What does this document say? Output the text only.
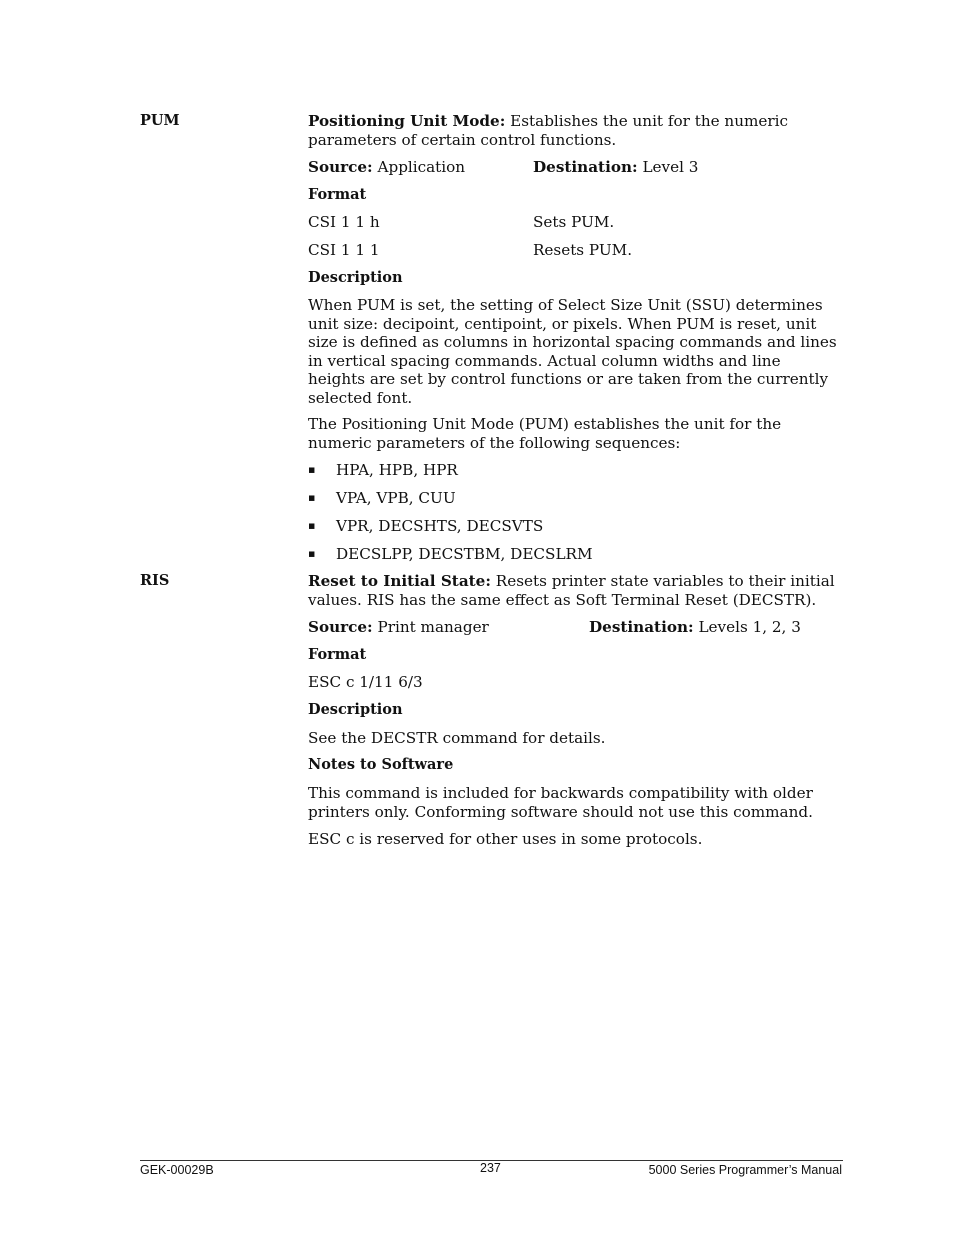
PUM	Positioning Unit Mode: Establishes the unit for the numeric parameters of certain control functions.
Source: Application	Destination: Level 3
Format
CSI 1 1 h	Sets PUM.
CSI 1 1 1	Resets PUM.
Description
When PUM is set, the setting of Select Size Unit (SSU) determines unit size: decipoint, centipoint, or pixels. When PUM is reset, unit size is defined as columns in horizontal spacing commands and lines in vertical spacing commands. Actual column widths and line heights are set by control functions or are taken from the currently selected font.
The Positioning Unit Mode (PUM) establishes the unit for the numeric parameters of the following sequences:
▪ HPA, HPB, HPR
▪ VPA, VPB, CUU
▪ VPR, DECSHTS, DECSVTS
▪ DECSLPP, DECSTBM, DECSLRM
RIS	Reset to Initial State: Resets printer state variables to their initial values. RIS has the same effect as Soft Terminal Reset (DECSTR).
Source: Print manager	Destination: Levels 1, 2, 3
Format
ESC c 1/11 6/3
Description
See the DECSTR command for details.
Notes to Software
This command is included for backwards compatibility with older printers only. Conforming software should not use this command.
ESC c is reserved for other uses in some protocols.
GEK-00029B	237	5000 Series Programmer’s Manual
